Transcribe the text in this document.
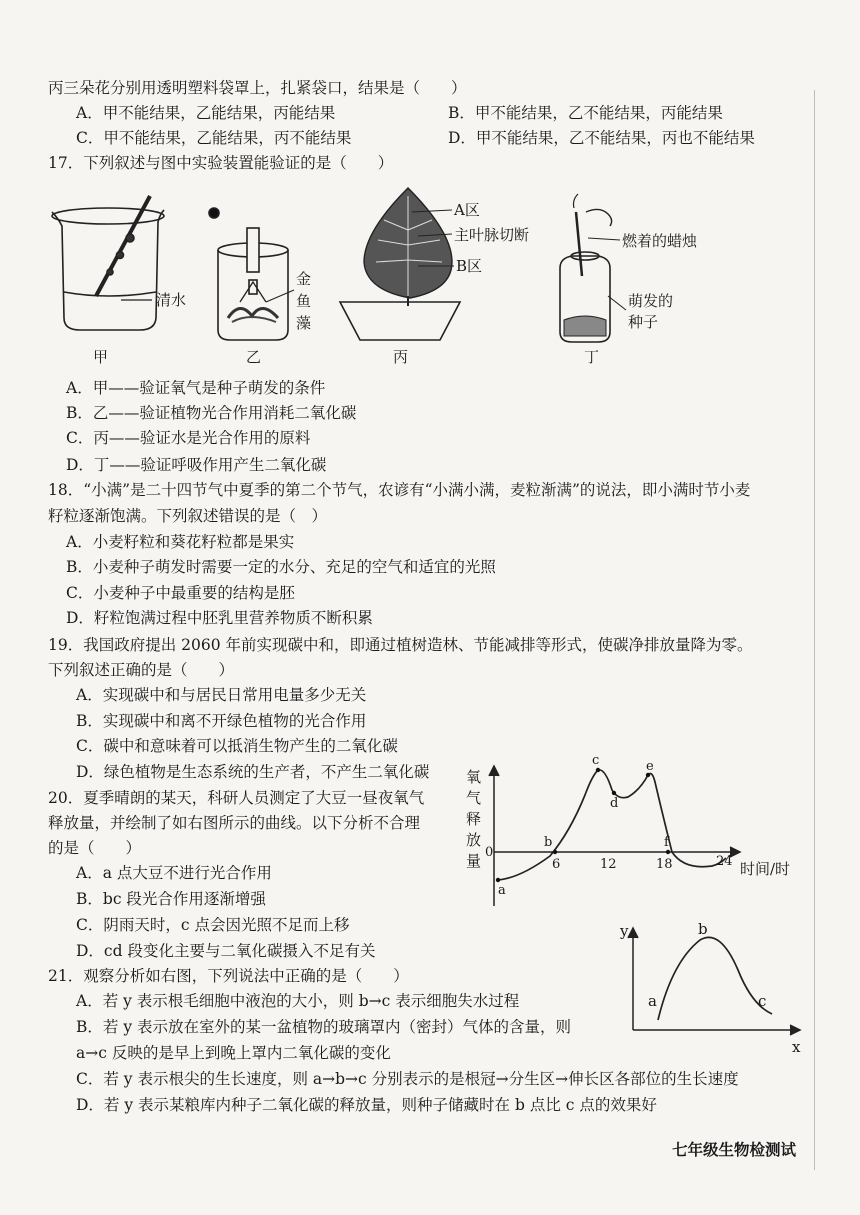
丙三朵花分别用透明塑料袋罩上，扎紧袋口，结果是（　　）
A．甲不能结果，乙能结果，丙能结果	B．甲不能结果，乙不能结果，丙能结果
C．甲不能结果，乙能结果，丙不能结果	D．甲不能结果，乙不能结果，丙也不能结果
17．下列叙述与图中实验装置能验证的是（　　）
清水
金
鱼
藻
A区
主叶脉切断
B区
燃着的蜡烛
萌发的
种子
甲	乙	丙	丁
A．甲——验证氧气是种子萌发的条件
B．乙——验证植物光合作用消耗二氧化碳
C．丙——验证水是光合作用的原料
D．丁——验证呼吸作用产生二氧化碳
18．“小满”是二十四节气中夏季的第二个节气，农谚有“小满小满，麦粒渐满”的说法，即小满时节小麦
籽粒逐渐饱满。下列叙述错误的是（　）
A．小麦籽粒和葵花籽粒都是果实
B．小麦种子萌发时需要一定的水分、充足的空气和适宜的光照
C．小麦种子中最重要的结构是胚
D．籽粒饱满过程中胚乳里营养物质不断积累
19．我国政府提出 2060 年前实现碳中和，即通过植树造林、节能减排等形式，使碳净排放量降为零。
下列叙述正确的是（　　）
A．实现碳中和与居民日常用电量多少无关
B．实现碳中和离不开绿色植物的光合作用
C．碳中和意味着可以抵消生物产生的二氧化碳
D．绿色植物是生态系统的生产者，不产生二氧化碳
20．夏季晴朗的某天，科研人员测定了大豆一昼夜氧气
释放量，并绘制了如右图所示的曲线。以下分析不合理
的是（　　）
A．a 点大豆不进行光合作用
B．bc 段光合作用逐渐增强
C．阴雨天时，c 点会因光照不足而上移
D．cd 段变化主要与二氧化碳摄入不足有关
氧
气
释
放
量 0
6	12	18	24 时间/时
a
b
c
d
e
f
21．观察分析如右图，下列说法中正确的是（　　）
A．若 y 表示根毛细胞中液泡的大小，则 b→c 表示细胞失水过程
B．若 y 表示放在室外的某一盆植物的玻璃罩内（密封）气体的含量，则
a→c 反映的是早上到晚上罩内二氧化碳的变化
C．若 y 表示根尖的生长速度，则 a→b→c 分别表示的是根冠→分生区→伸长区各部位的生长速度
D．若 y 表示某粮库内种子二氧化碳的释放量，则种子储藏时在 b 点比 c 点的效果好
y
x
a
b
c
七年级生物检测试
